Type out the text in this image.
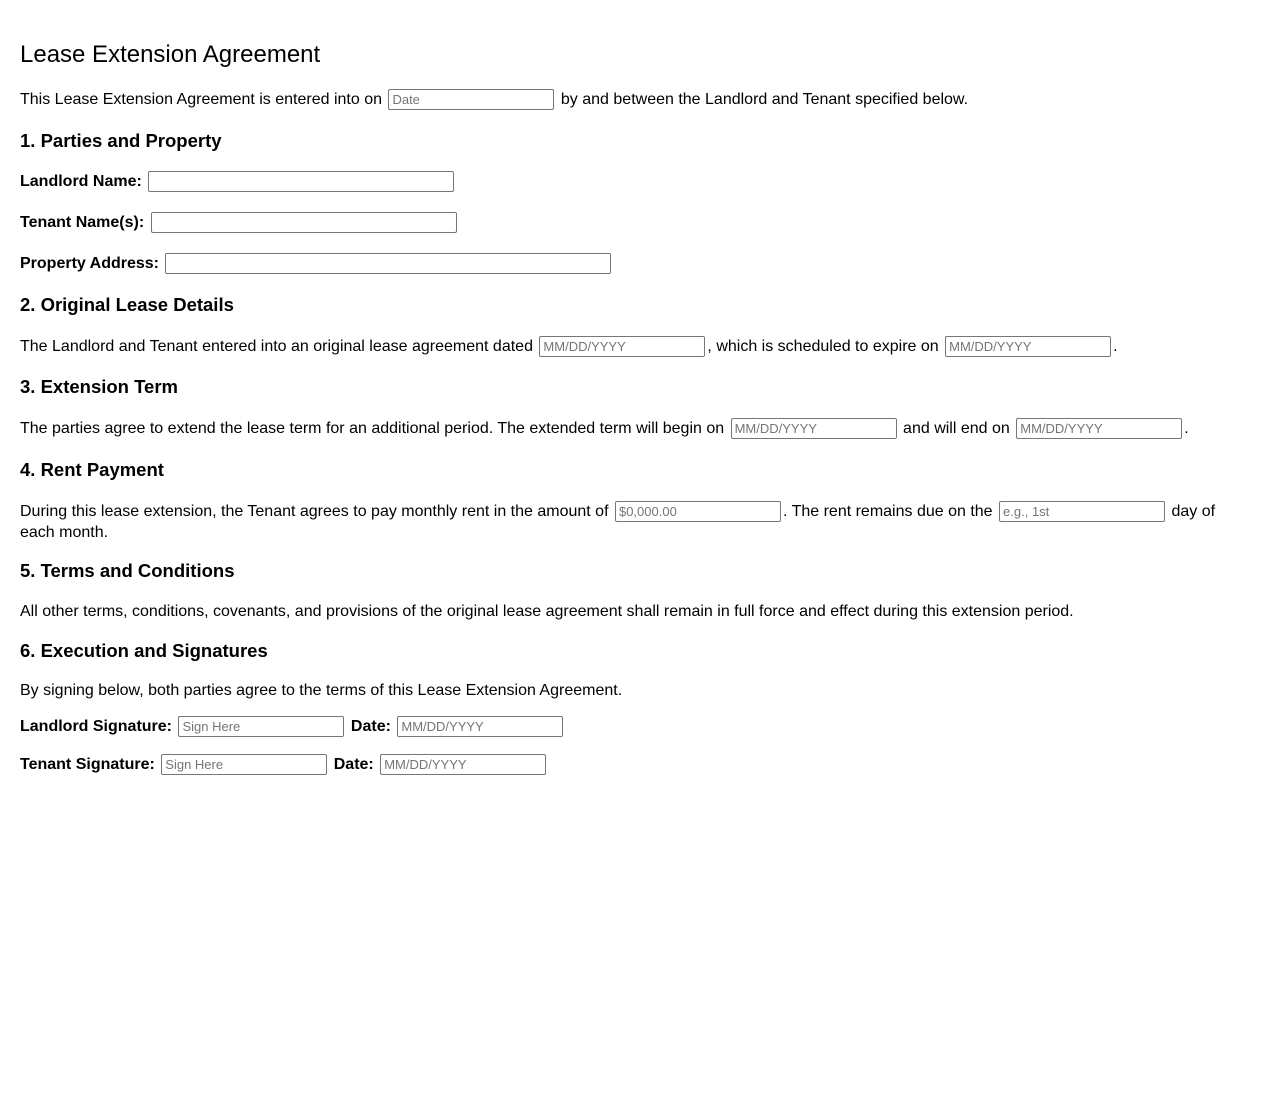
Lease Extension Agreement
This Lease Extension Agreement is entered into on Date	by and between the Landlord and Tenant specified below.
1. Parties and Property
Landlord Name:
Tenant Name(s):
Property Address:
2. Original Lease Details
The Landlord and Tenant entered into an original lease agreement dated MM/DD/YYYY	, which is scheduled to expire on MM/DD/YYYY	.
3. Extension Term
The parties agree to extend the lease term for an additional period. The extended term will begin on MM/DD/YYYY	and will end on MM/DD/YYYY	.
4. Rent Payment
During this lease extension, the Tenant agrees to pay monthly rent in the amount of $0,000.00	. The rent remains due on the e.g., 1st	day of each month.
5. Terms and Conditions
All other terms, conditions, covenants, and provisions of the original lease agreement shall remain in full force and effect during this extension period.
6. Execution and Signatures
By signing below, both parties agree to the terms of this Lease Extension Agreement.
Landlord Signature: Sign Here	Date: MM/DD/YYYY
Tenant Signature: Sign Here	Date: MM/DD/YYYY
